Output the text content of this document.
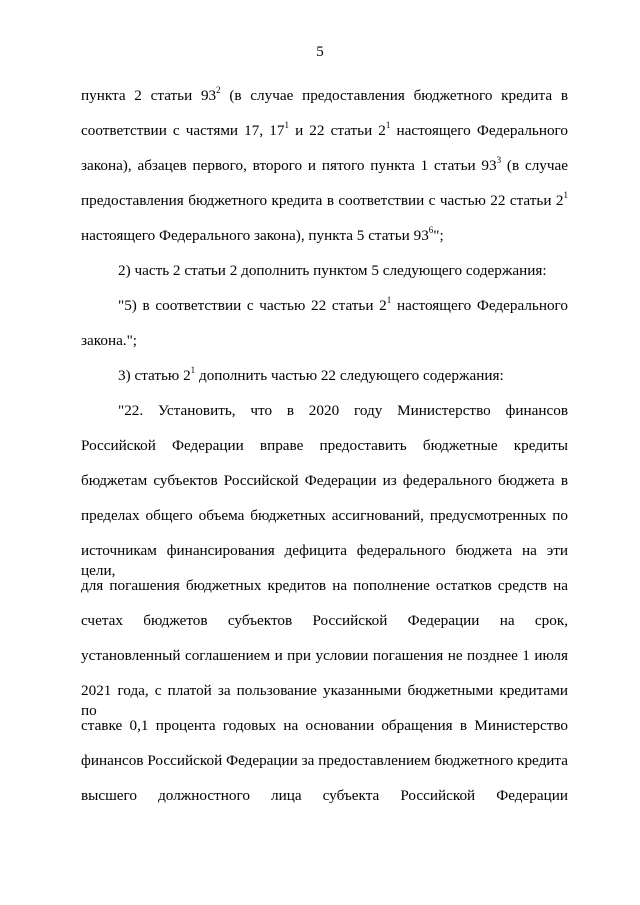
5
пункта 2 статьи $93^2$ (в случае предоставления бюджетного кредита в
соответствии с частями 17, $17^1$ и 22 статьи $2^1$ настоящего Федерального
закона), абзацев первого, второго и пятого пункта 1 статьи $93^3$ (в случае
предоставления бюджетного кредита в соответствии с частью 22 статьи $2^1$
настоящего Федерального закона), пункта 5 статьи $93^6$";
2) часть 2 статьи 2 дополнить пунктом 5 следующего содержания:
"5) в соответствии с частью 22 статьи $2^1$ настоящего Федерального
закона.";
3) статью $2^1$ дополнить частью 22 следующего содержания:
"22. Установить, что в 2020 году Министерство финансов
Российской Федерации вправе предоставить бюджетные кредиты
бюджетам субъектов Российской Федерации из федерального бюджета в
пределах общего объема бюджетных ассигнований, предусмотренных по
источникам финансирования дефицита федерального бюджета на эти цели,
для погашения бюджетных кредитов на пополнение остатков средств на
счетах бюджетов субъектов Российской Федерации на срок,
установленный соглашением и при условии погашения не позднее 1 июля
2021 года, с платой за пользование указанными бюджетными кредитами по
ставке 0,1 процента годовых на основании обращения в Министерство
финансов Российской Федерации за предоставлением бюджетного кредита
высшего должностного лица субъекта Российской Федерации
